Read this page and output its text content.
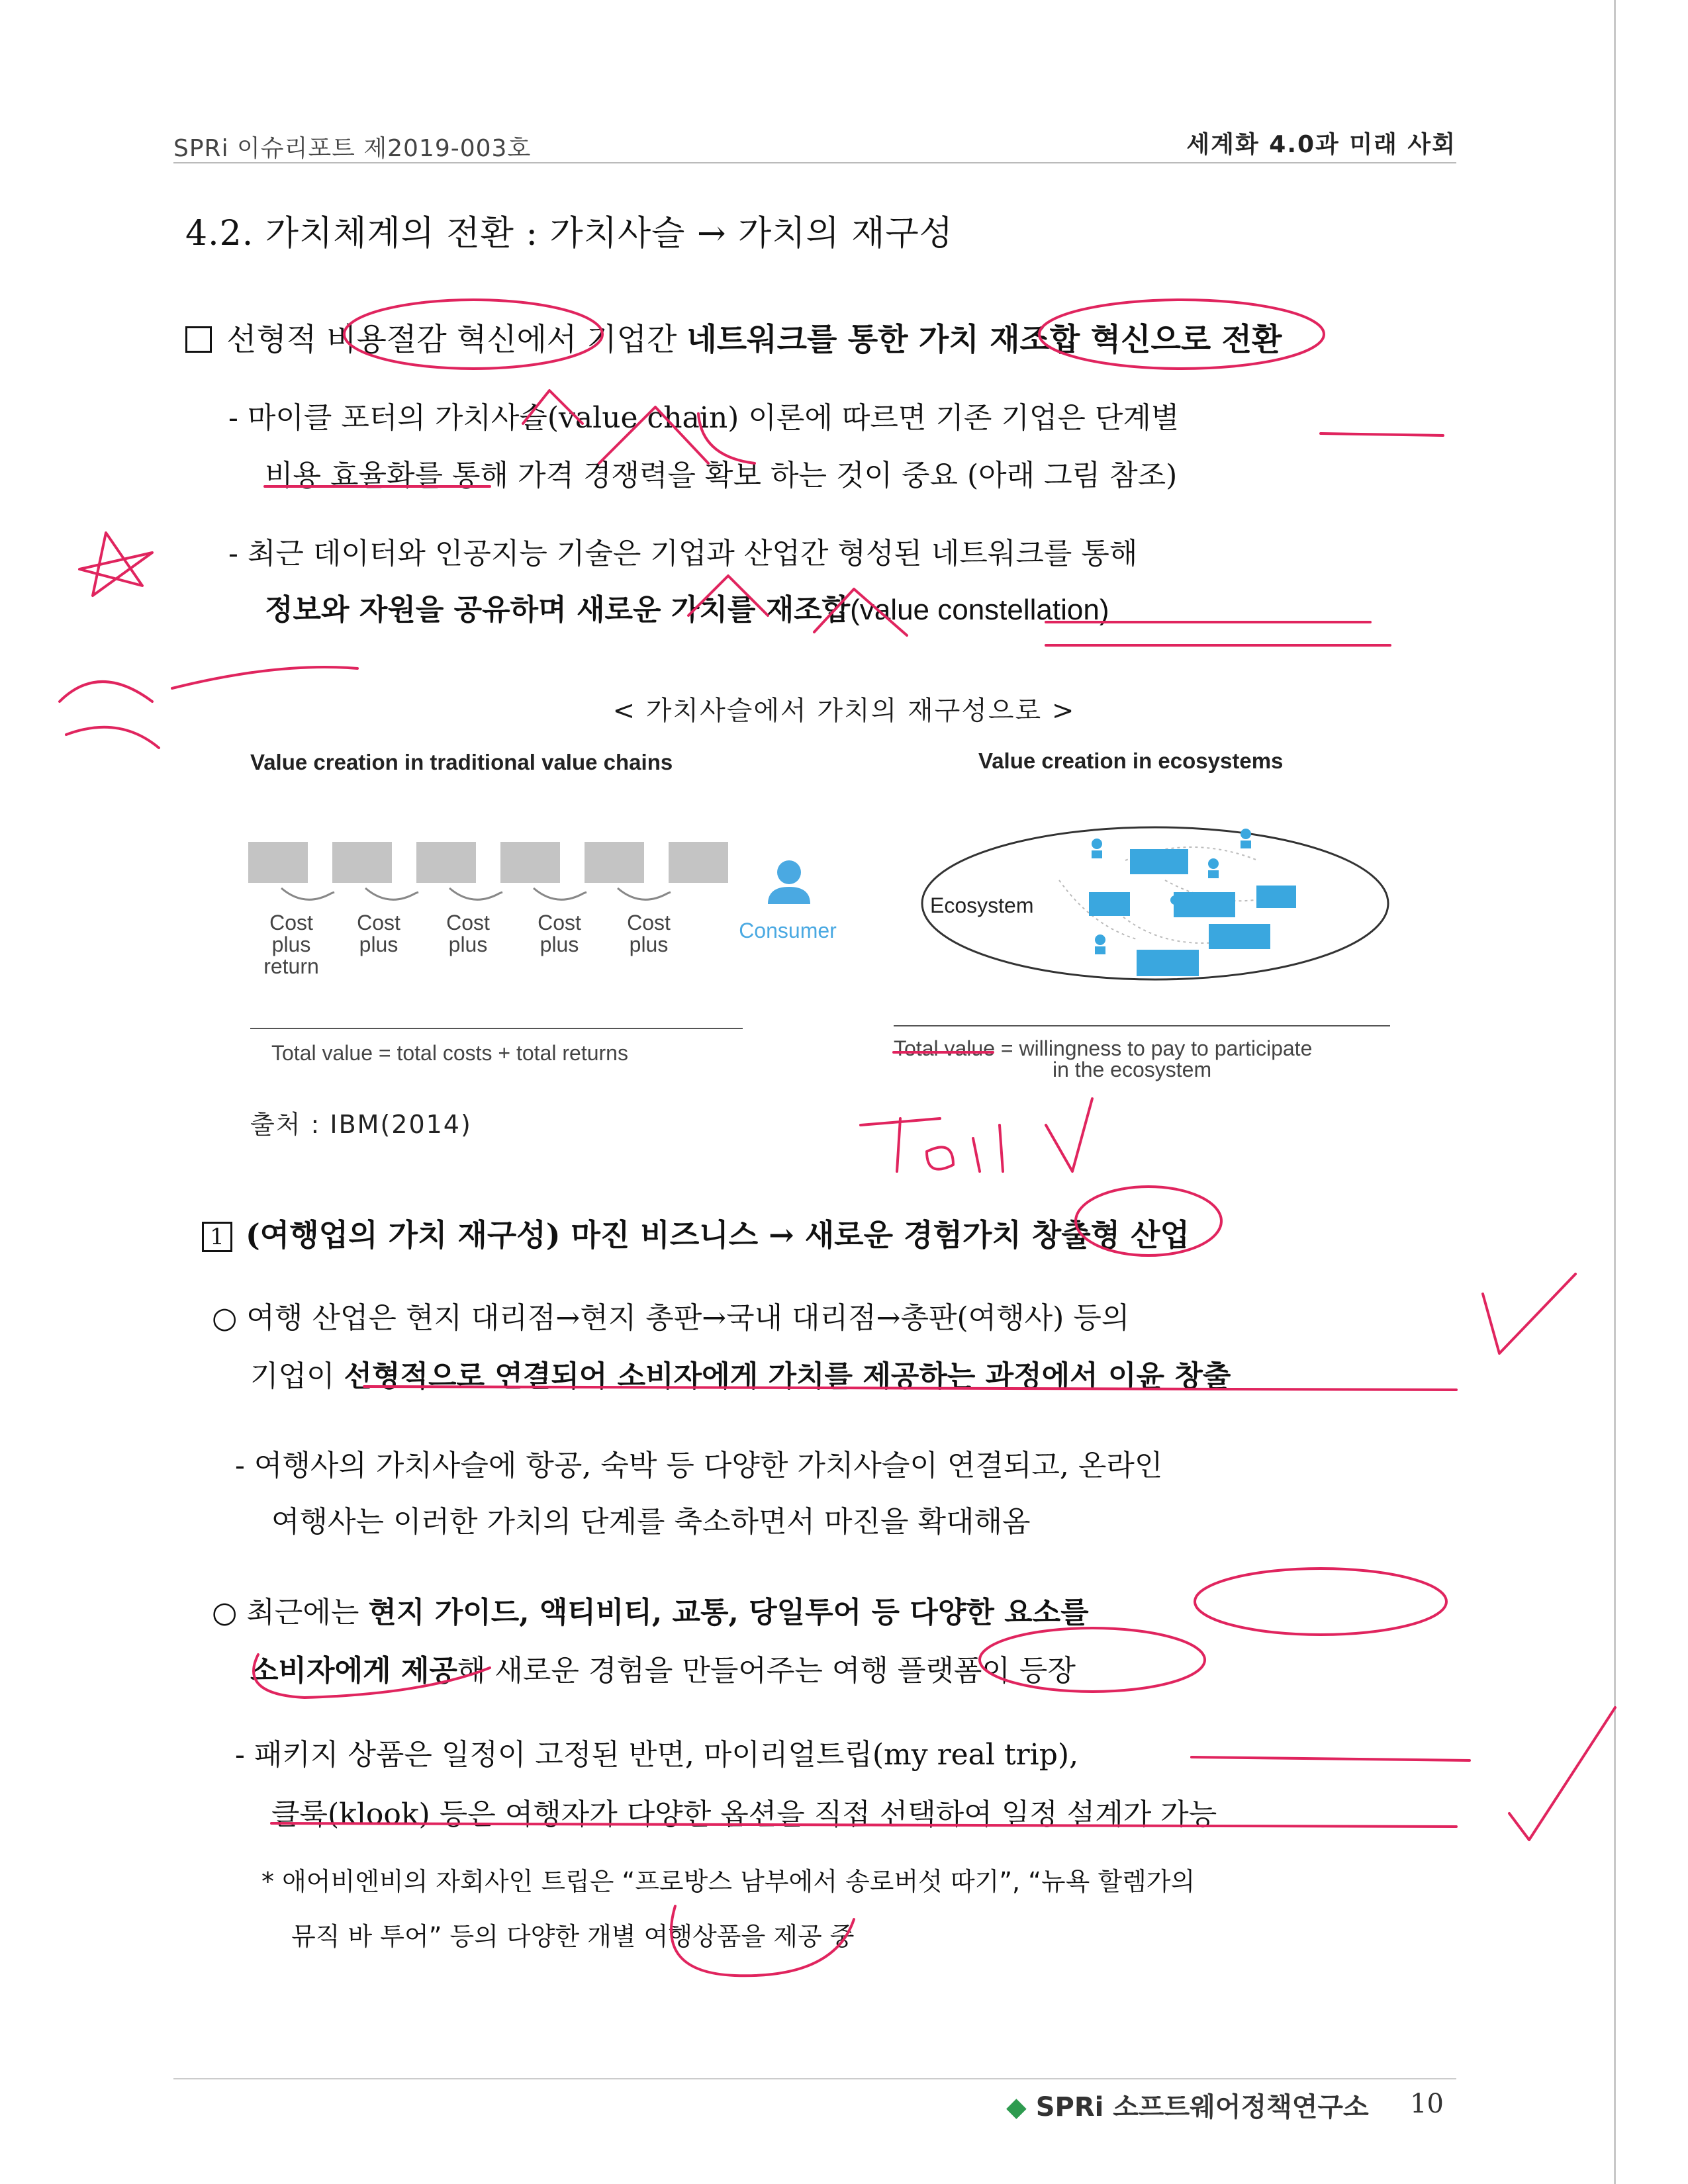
SPRi 이슈리포트 제2019-003호	세계화 4.0과 미래 사회
4.2. 가치체계의 전환 : 가치사슬 → 가치의 재구성
선형적 비용절감 혁신에서 기업간 네트워크를 통한 가치 재조합 혁신으로 전환
- 마이클 포터의 가치사슬(value chain) 이론에 따르면 기존 기업은 단계별
비용 효율화를 통해 가격 경쟁력을 확보 하는 것이 중요 (아래 그림 참조)
- 최근 데이터와 인공지능 기술은 기업과 산업간 형성된 네트워크를 통해
정보와 자원을 공유하며 새로운 가치를 재조합(value constellation)
< 가치사슬에서 가치의 재구성으로 >
Value creation in traditional value chains	Value creation in ecosystems
Cost
plus
return
Cost
plus
Cost
plus
Cost
plus
Cost
plus
Consumer
Ecosystem
Total value = total costs + total returns	Total value = willingness to pay to participate
in the ecosystem
출처 : IBM(2014)
1 (여행업의 가치 재구성) 마진 비즈니스 → 새로운 경험가치 창출형 산업
○ 여행 산업은 현지 대리점→현지 총판→국내 대리점→총판(여행사) 등의
기업이 선형적으로 연결되어 소비자에게 가치를 제공하는 과정에서 이윤 창출
- 여행사의 가치사슬에 항공, 숙박 등 다양한 가치사슬이 연결되고, 온라인
여행사는 이러한 가치의 단계를 축소하면서 마진을 확대해옴
○ 최근에는 현지 가이드, 액티비티, 교통, 당일투어 등 다양한 요소를
소비자에게 제공해 새로운 경험을 만들어주는 여행 플랫폼이 등장
- 패키지 상품은 일정이 고정된 반면, 마이리얼트립(my real trip),
클룩(klook) 등은 여행자가 다양한 옵션을 직접 선택하여 일정 설계가 가능
* 애어비엔비의 자회사인 트립은 “프로방스 남부에서 송로버섯 따기”, “뉴욕 할렘가의
뮤직 바 투어” 등의 다양한 개별 여행상품을 제공 중
◆ SPRi 소프트웨어정책연구소 10
